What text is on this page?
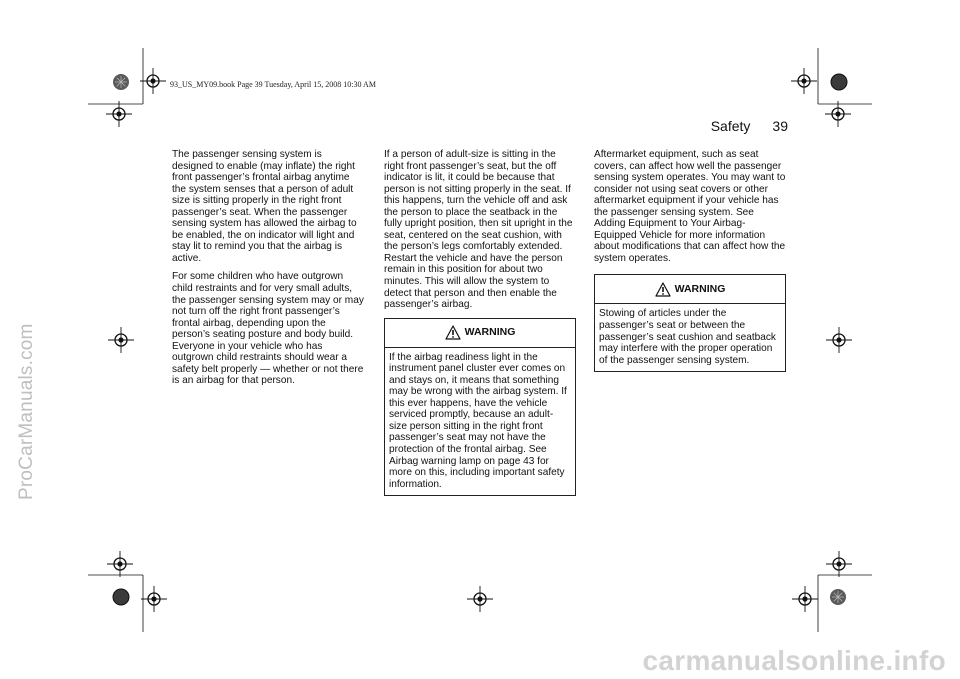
ProCarManuals.com
carmanualsonline.info
93_US_MY09.book Page 39 Tuesday, April 15, 2008 10:30 AM
Safety 39

The passenger sensing system is designed to enable (may inflate) the right front passenger’s frontal airbag anytime the system senses that a person of adult size is sitting properly in the right front passenger’s seat. When the passenger sensing system has allowed the airbag to be enabled, the on indicator will light and stay lit to remind you that the airbag is active.

For some children who have outgrown child restraints and for very small adults, the passenger sensing system may or may not turn off the right front passenger’s frontal airbag, depending upon the person’s seating posture and body build. Everyone in your vehicle who has outgrown child restraints should wear a safety belt properly — whether or not there is an airbag for that person.

If a person of adult-size is sitting in the right front passenger’s seat, but the off indicator is lit, it could be because that person is not sitting properly in the seat. If this happens, turn the vehicle off and ask the person to place the seatback in the fully upright position, then sit upright in the seat, centered on the seat cushion, with the person’s legs comfortably extended. Restart the vehicle and have the person remain in this position for about two minutes. This will allow the system to detect that person and then enable the passenger’s airbag.

WARNING
If the airbag readiness light in the instrument panel cluster ever comes on and stays on, it means that something may be wrong with the airbag system. If this ever happens, have the vehicle serviced promptly, because an adult-size person sitting in the right front passenger’s seat may not have the protection of the frontal airbag. See Airbag warning lamp on page 43 for more on this, including important safety information.

Aftermarket equipment, such as seat covers, can affect how well the passenger sensing system operates. You may want to consider not using seat covers or other aftermarket equipment if your vehicle has the passenger sensing system. See Adding Equipment to Your Airbag-Equipped Vehicle for more information about modifications that can affect how the system operates.

WARNING
Stowing of articles under the passenger’s seat or between the passenger’s seat cushion and seatback may interfere with the proper operation of the passenger sensing system.
